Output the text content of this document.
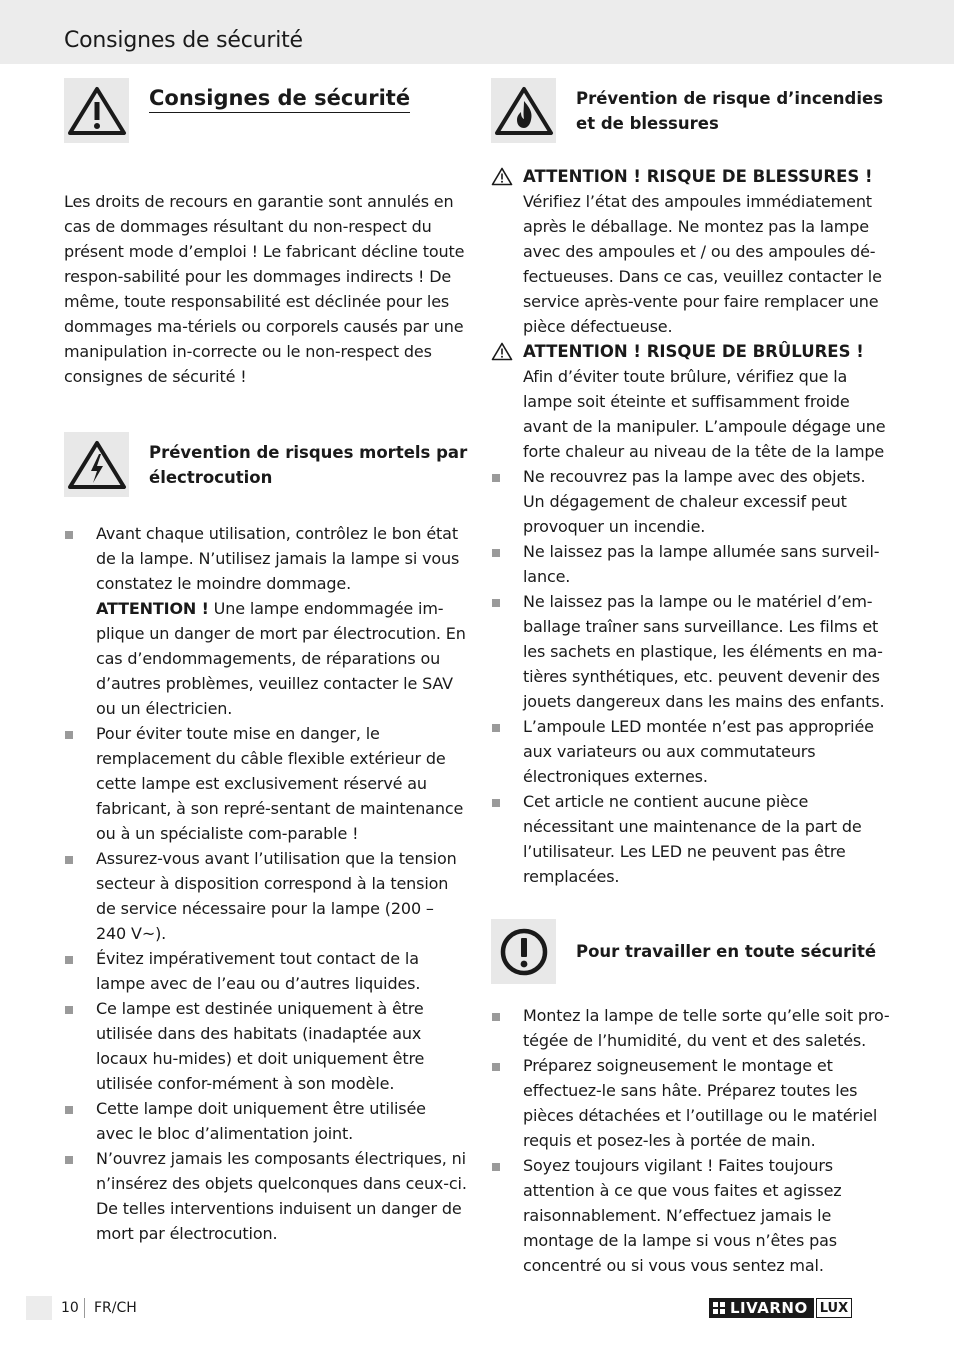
Consignes de sécurité
Consignes de sécurité

Les droits de recours en garantie sont annulés en cas de dommages résultant du non-respect du présent mode d’emploi ! Le fabricant décline toute respon-sabilité pour les dommages indirects ! De même, toute responsabilité est déclinée pour les dommages ma-tériels ou corporels causés par une manipulation in-correcte ou le non-respect des consignes de sécurité !

Prévention de risques mortels par électrocution
Avant chaque utilisation, contrôlez le bon état de la lampe. N’utilisez jamais la lampe si vous constatez le moindre dommage.
ATTENTION ! Une lampe endommagée im-plique un danger de mort par électrocution. En cas d’endommagements, de réparations ou d’autres problèmes, veuillez contacter le SAV ou un électricien.
Pour éviter toute mise en danger, le remplacement du câble flexible extérieur de cette lampe est exclusivement réservé au fabricant, à son repré-sentant de maintenance ou à un spécialiste com-parable !
Assurez-vous avant l’utilisation que la tension secteur à disposition correspond à la tension de service nécessaire pour la lampe (200 – 240 V~).
Évitez impérativement tout contact de la lampe avec de l’eau ou d’autres liquides.
Ce lampe est destinée uniquement à être utilisée dans des habitats (inadaptée aux locaux hu-mides) et doit uniquement être utilisée confor-mément à son modèle.
Cette lampe doit uniquement être utilisée avec le bloc d’alimentation joint.
N’ouvrez jamais les composants électriques, ni n’insérez des objets quelconques dans ceux-ci. De telles interventions induisent un danger de mort par électrocution.
Prévention de risque d’incendies et de blessures
ATTENTION ! RISQUE DE BLESSURES !

Vérifiez l’état des ampoules immédiatement après le déballage. Ne montez pas la lampe avec des ampoules et / ou des ampoules dé-fectueuses. Dans ce cas, veuillez contacter le service après-vente pour faire remplacer une pièce défectueuse.

ATTENTION ! RISQUE DE BRÛLURES !

Afin d’éviter toute brûlure, vérifiez que la lampe soit éteinte et suffisamment froide avant de la manipuler. L’ampoule dégage une forte chaleur au niveau de la tête de la lampe

Ne recouvrez pas la lampe avec des objets. Un dégagement de chaleur excessif peut provoquer un incendie.
Ne laissez pas la lampe allumée sans surveil-lance.
Ne laissez pas la lampe ou le matériel d’em-ballage traîner sans surveillance. Les films et les sachets en plastique, les éléments en ma-tières synthétiques, etc. peuvent devenir des jouets dangereux dans les mains des enfants.
L’ampoule LED montée n’est pas appropriée aux variateurs ou aux commutateurs électroniques externes.
Cet article ne contient aucune pièce nécessitant une maintenance de la part de l’utilisateur. Les LED ne peuvent pas être remplacées.
Pour travailler en toute sécurité
Montez la lampe de telle sorte qu’elle soit pro-tégée de l’humidité, du vent et des saletés.
Préparez soigneusement le montage et effectuez-le sans hâte. Préparez toutes les pièces détachées et l’outillage ou le matériel requis et posez-les à portée de main.
Soyez toujours vigilant ! Faites toujours attention à ce que vous faites et agissez raisonnablement. N’effectuez jamais le montage de la lampe si vous n’êtes pas concentré ou si vous vous sentez mal.
10 FR/CH	LIVARNO LUX
